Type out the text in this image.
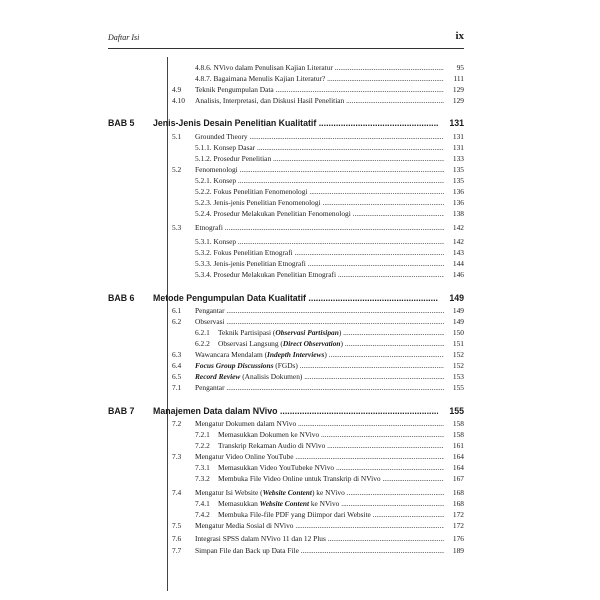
Daftar Isi	ix
4.8.6. NVivo dalam Penulisan Kajian Literatur .....	95
4.8.7. Bagaimana Menulis Kajian Literatur? .....	111
4.9 Teknik Pengumpulan Data .....	129
4.10 Analisis, Interpretasi, dan Diskusi Hasil Penelitian .....	129
BAB 5 Jenis-Jenis Desain Penelitian Kualitatif .....	131
5.1 Grounded Theory .....	131
5.1.1. Konsep Dasar .....	131
5.1.2. Prosedur Penelitian .....	133
5.2 Fenomenologi .....	135
5.2.1. Konsep .....	135
5.2.2. Fokus Penelitian Fenomenologi .....	136
5.2.3. Jenis-jenis Penelitian Fenomenologi .....	136
5.2.4. Prosedur Melakukan Penelitian Fenomenologi .....	138
5.3 Etnografi .....	142
5.3.1. Konsep .....	142
5.3.2. Fokus Penelitian Etnografi .....	143
5.3.3. Jenis-jenis Penelitian Etnografi .....	144
5.3.4. Prosedur Melakukan Penelitian Etnografi .....	146
BAB 6 Metode Pengumpulan Data Kualitatif .....	149
6.1 Pengantar .....	149
6.2 Observasi .....	149
6.2.1 Teknik Partisipasi (Observasi Partisipan) .....	150
6.2.2 Observasi Langsung (Direct Observation) .....	151
6.3 Wawancara Mendalam (Indepth Interviews) .....	152
6.4 Focus Group Discussions (FGDs) .....	152
6.5 Record Review (Analisis Dokumen) .....	153
7.1 Pengantar .....	155
BAB 7 Manajemen Data dalam NVivo .....	155
7.2 Mengatur Dokumen dalam NVivo .....	158
7.2.1 Memasukkan Dokumen ke NVivo .....	158
7.2.2 Transkrip Rekaman Audio di NVivo .....	161
7.3 Mengatur Video Online YouTube .....	164
7.3.1 Memasukkan Video YouTubeke NVivo .....	164
7.3.2 Membuka File Video Online untuk Transkrip di NVivo .....	167
7.4 Mengatur Isi Website (Website Content) ke NVivo .....	168
7.4.1 Memasukkan Website Content ke NVivo .....	168
7.4.2 Membuka File-file PDF yang Diimpor dari Website .....	172
7.5 Mengatur Media Sosial di NVivo .....	172
7.6 Integrasi SPSS dalam NVivo 11 dan 12 Plus .....	176
7.7 Simpan File dan Back up Data File .....	189
